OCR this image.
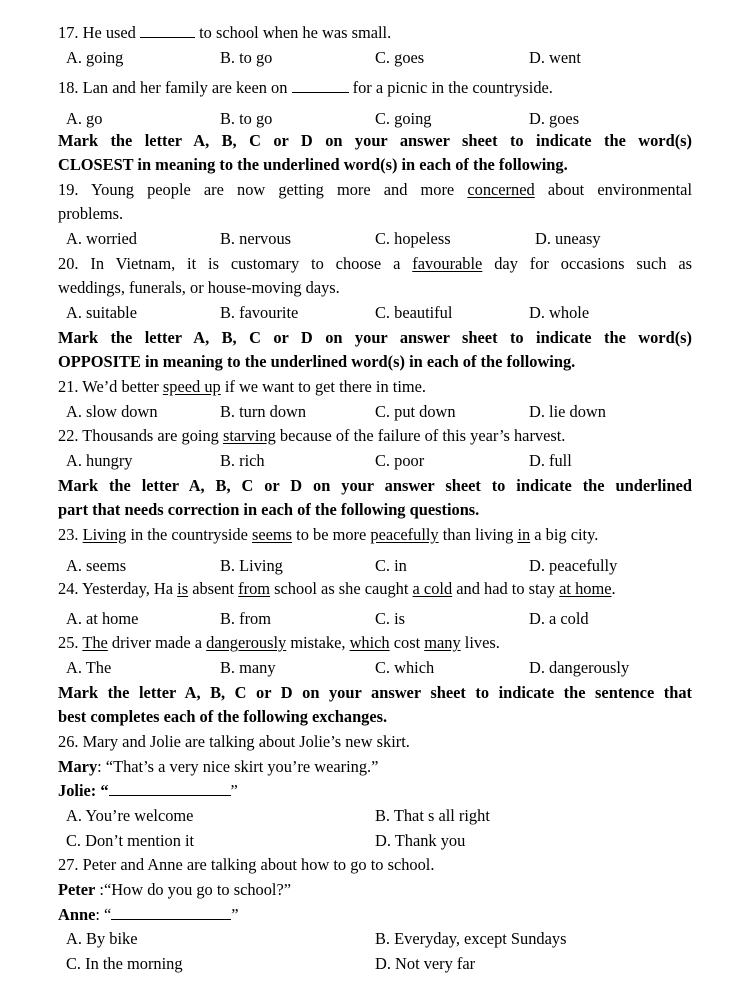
17. He used	to school when he was small.
A. going	B. to go	C. goes	D. went
18. Lan and her family are keen on	for a picnic in the countryside.
A. go	B. to go	C. going	D. goes
Mark the letter A, B, C or D on your answer sheet to indicate the word(s)
CLOSEST in meaning to the underlined word(s) in each of the following.
19. Young people are now getting more and more concerned about environmental
problems.
A. worried	B. nervous	C. hopeless	D. uneasy
20. In Vietnam, it is customary to choose a favourable day for occasions such as
weddings, funerals, or house-moving days.
A. suitable	B. favourite	C. beautiful	D. whole
Mark the letter A, B, C or D on your answer sheet to indicate the word(s)
OPPOSITE in meaning to the underlined word(s) in each of the following.
21. We’d better speed up if we want to get there in time.
A. slow down	B. turn down	C. put down	D. lie down
22. Thousands are going starving because of the failure of this year’s harvest.
A. hungry	B. rich	C. poor	D. full
Mark the letter A, B, C or D on your answer sheet to indicate the underlined
part that needs correction in each of the following questions.
23. Living in the countryside seems to be more peacefully than living in a big city.
A. seems	B. Living	C. in	D. peacefully
24. Yesterday, Ha is absent from school as she caught a cold and had to stay at home.
A. at home	B. from	C. is	D. a cold
25. The driver made a dangerously mistake, which cost many lives.
A. The	B. many	C. which	D. dangerously
Mark the letter A, B, C or D on your answer sheet to indicate the sentence that
best completes each of the following exchanges.
26. Mary and Jolie are talking about Jolie’s new skirt.
Mary: “That’s a very nice skirt you’re wearing.”
Jolie: “	”
A. You’re welcome	B. That s all right
C. Don’t mention it	D. Thank you
27. Peter and Anne are talking about how to go to school.
Peter :“How do you go to school?”
Anne: “	”
A. By bike	B. Everyday, except Sundays
C. In the morning	D. Not very far
